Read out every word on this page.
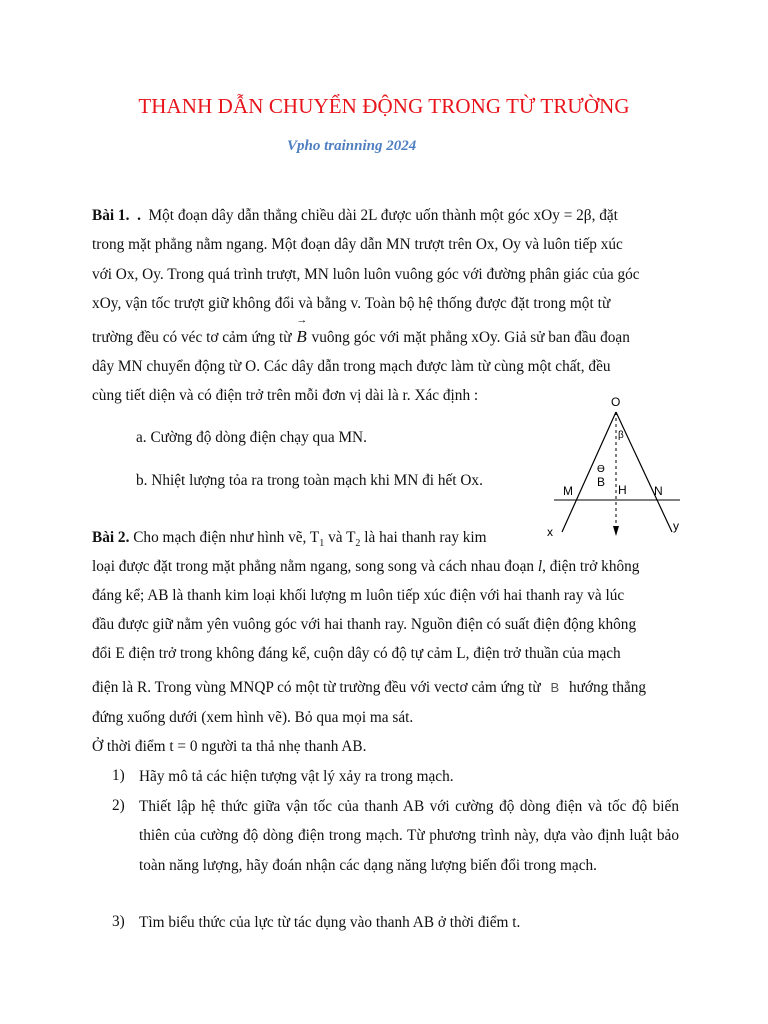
THANH DẪN CHUYỂN ĐỘNG TRONG TỪ TRƯỜNG
Vpho trainning 2024
Bài 1. . Một đoạn dây dẫn thẳng chiều dài 2L được uốn thành một góc xOy = 2β, đặt
trong mặt phẳng nằm ngang. Một đoạn dây dẫn MN trượt trên Ox, Oy và luôn tiếp xúc
với Ox, Oy. Trong quá trình trượt, MN luôn luôn vuông góc với đường phân giác của góc
xOy, vận tốc trượt giữ không đổi và bằng v. Toàn bộ hệ thống được đặt trong một từ
trường đều có véc tơ cảm ứng từ → B vuông góc với mặt phẳng xOy. Giả sử ban đầu đoạn
dây MN chuyển động từ O. Các dây dẫn trong mạch được làm từ cùng một chất, đều
cùng tiết diện và có điện trở trên mỗi đơn vị dài là r. Xác định :
a. Cường độ dòng điện chạy qua MN.
b. Nhiệt lượng tỏa ra trong toàn mạch khi MN đi hết Ox.
O
β
ϴ
B
H
M	N
x	y
Bài 2. Cho mạch điện như hình vẽ, $T_1$ và $T_2$ là hai thanh ray kim
loại được đặt trong mặt phẳng nằm ngang, song song và cách nhau đoạn l, điện trở không
đáng kể; AB là thanh kim loại khối lượng m luôn tiếp xúc điện với hai thanh ray và lúc
đầu được giữ nằm yên vuông góc với hai thanh ray. Nguồn điện có suất điện động không
đổi E điện trở trong không đáng kể, cuộn dây có độ tự cảm L, điện trở thuần của mạch
điện là R. Trong vùng MNQP có một từ trường đều với vectơ cảm ứng từ B hướng thẳng
đứng xuống dưới (xem hình vẽ). Bỏ qua mọi ma sát.
Ở thời điểm t = 0 người ta thả nhẹ thanh AB.
1) Hãy mô tả các hiện tượng vật lý xảy ra trong mạch.
2) Thiết lập hệ thức giữa vận tốc của thanh AB với cường độ dòng điện và tốc độ biến thiên của cường độ dòng điện trong mạch. Từ phương trình này, dựa vào định luật bảo toàn năng lượng, hãy đoán nhận các dạng năng lượng biến đổi trong mạch.
3) Tìm biểu thức của lực từ tác dụng vào thanh AB ở thời điểm t.
